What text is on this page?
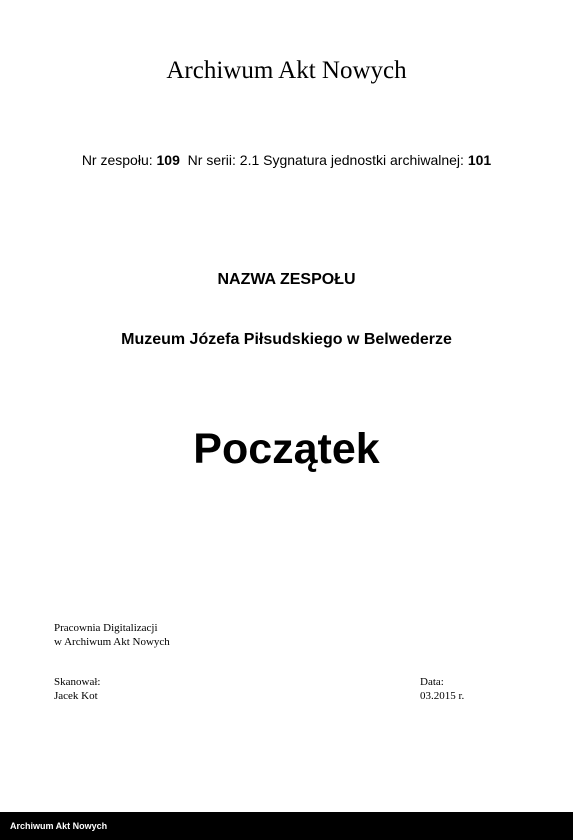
Archiwum Akt Nowych
Nr zespołu: 109 Nr serii: 2.1 Sygnatura jednostki archiwalnej: 101
NAZWA ZESPOŁU
Muzeum Józefa Piłsudskiego w Belwederze
Początek
Pracownia Digitalizacji
w Archiwum Akt Nowych
Skanował:
Jacek Kot
Data:
03.2015 r.
Archiwum Akt Nowych
